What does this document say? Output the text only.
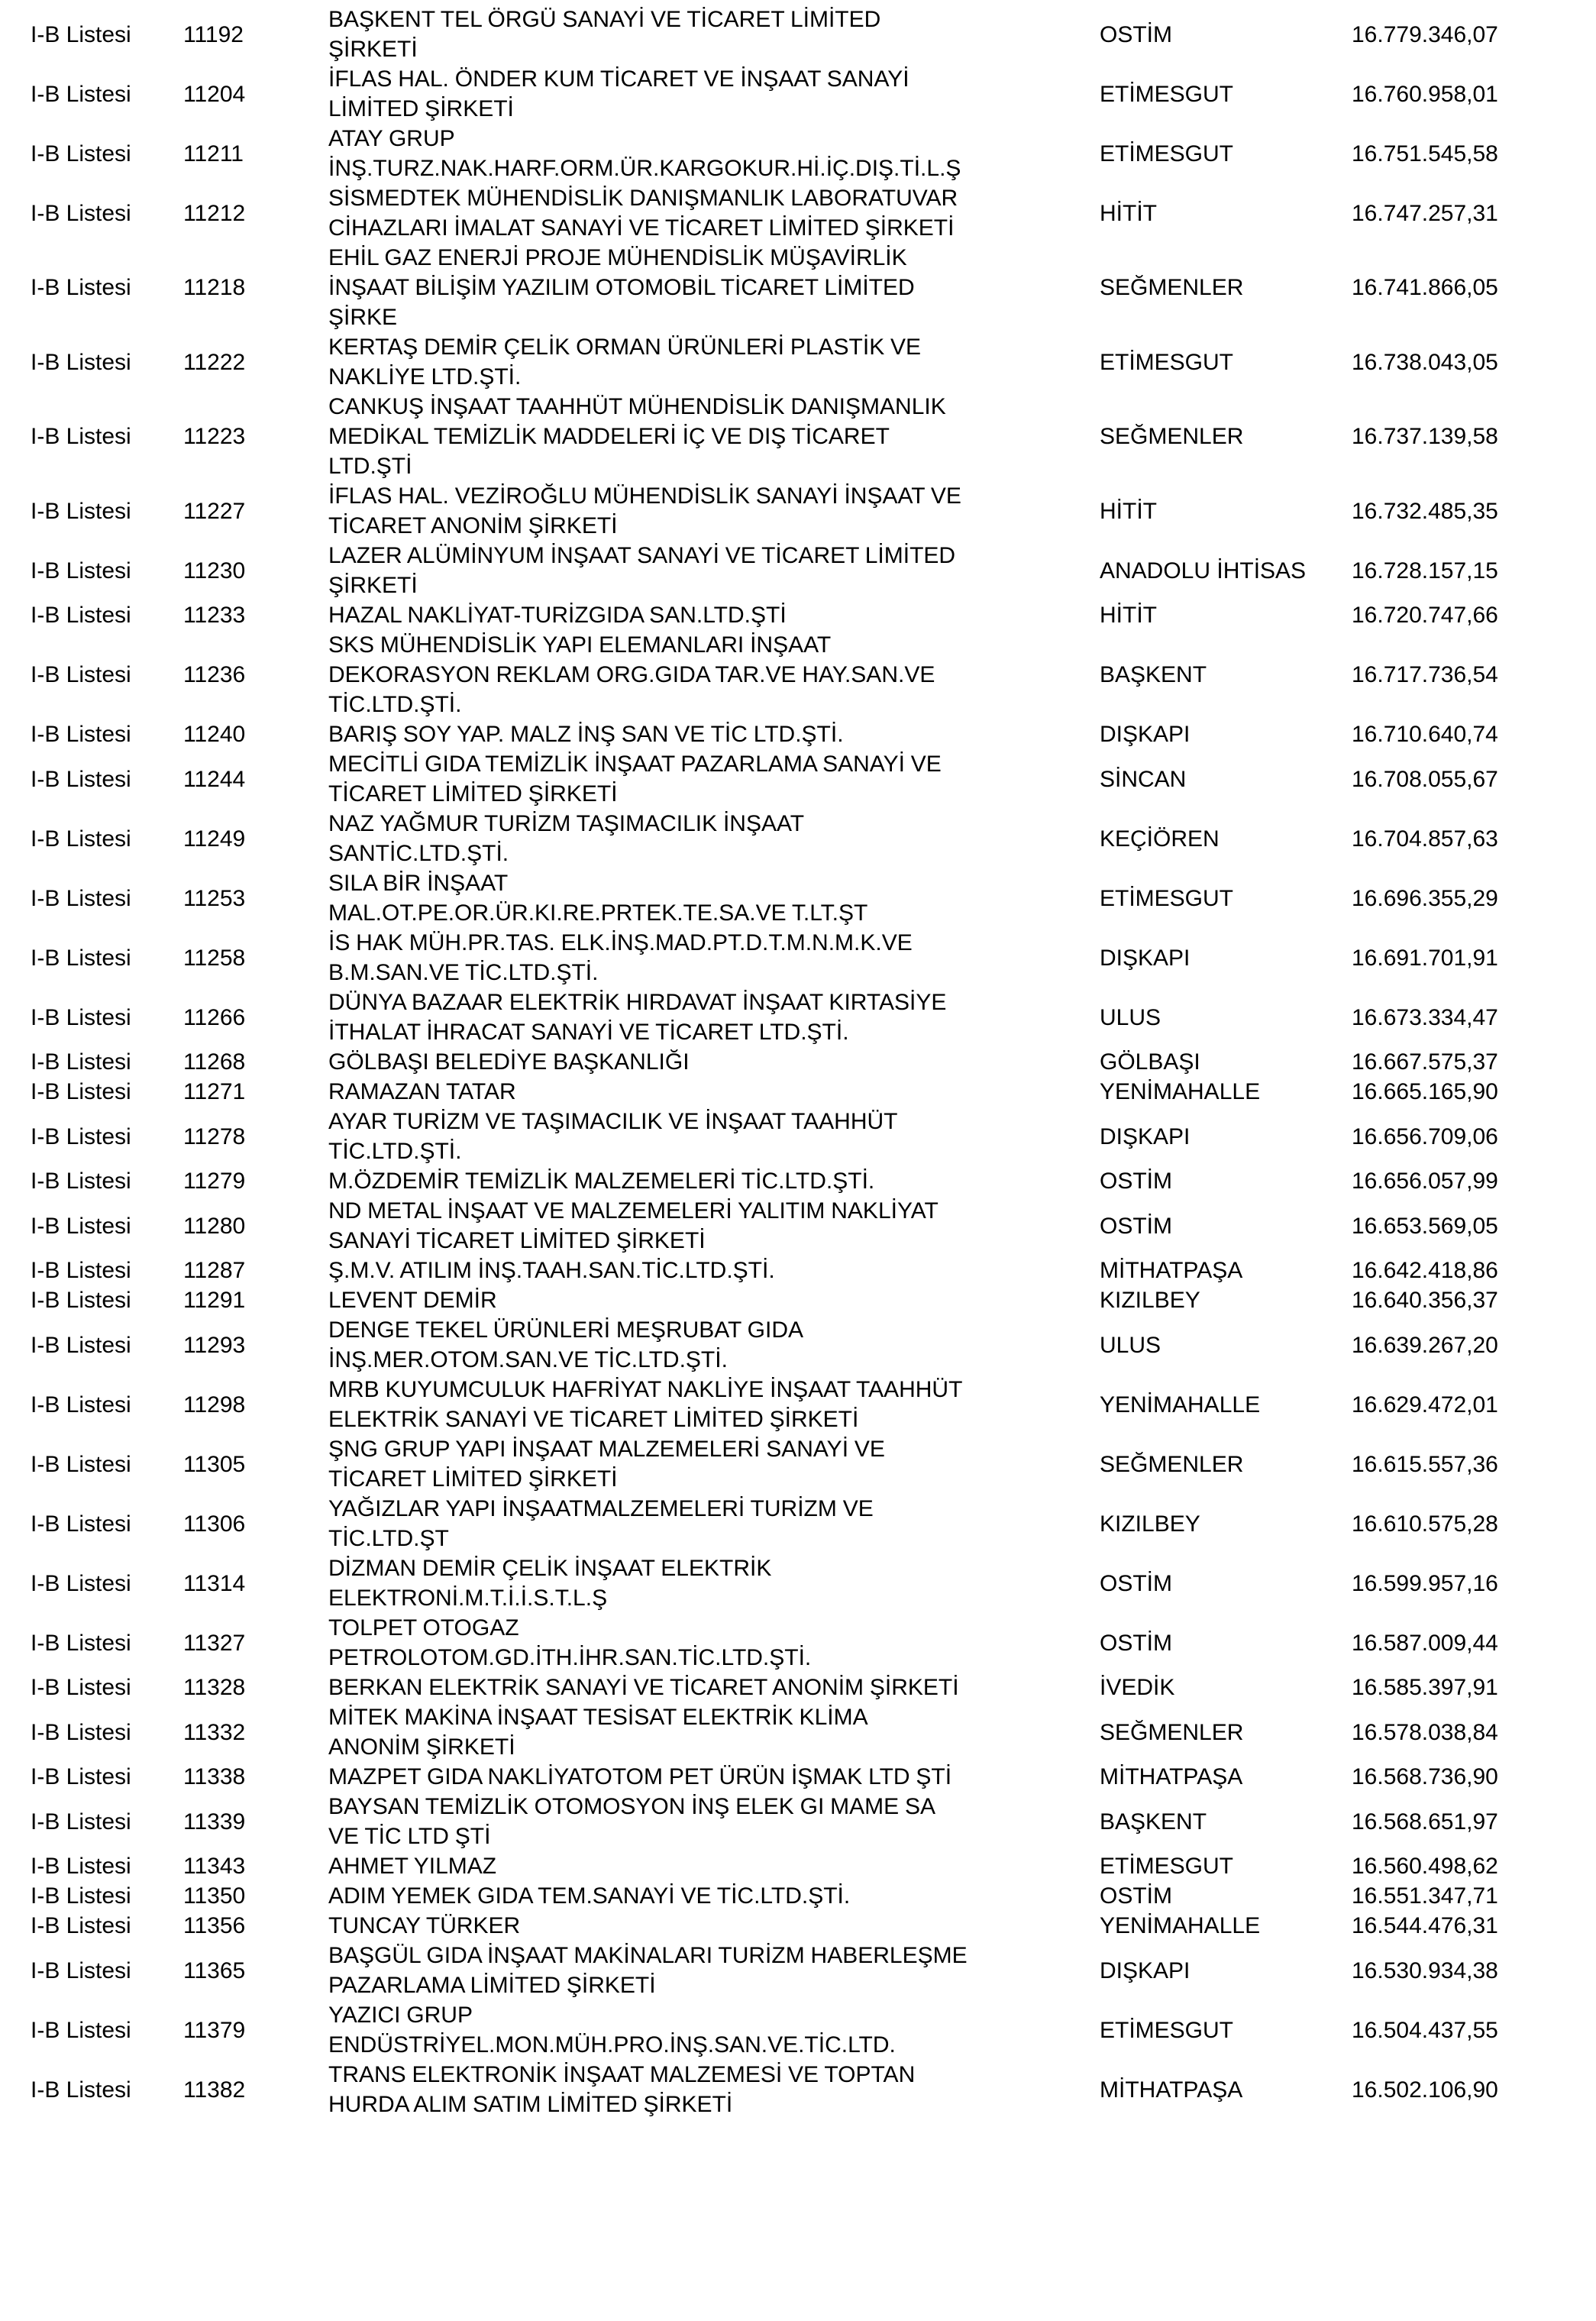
I-B Listesi	11192	BAŞKENT TEL ÖRGÜ SANAYİ VE TİCARET LİMİTED
ŞİRKETİ	OSTİM	16.779.346,07
I-B Listesi	11204	İFLAS HAL. ÖNDER KUM TİCARET VE İNŞAAT SANAYİ
LİMİTED ŞİRKETİ	ETİMESGUT	16.760.958,01
I-B Listesi	11211	ATAY GRUP
İNŞ.TURZ.NAK.HARF.ORM.ÜR.KARGOKUR.Hİ.İÇ.DIŞ.Tİ.L.Ş	ETİMESGUT	16.751.545,58
I-B Listesi	11212	SİSMEDTEK MÜHENDİSLİK DANIŞMANLIK LABORATUVAR
CİHAZLARI İMALAT SANAYİ VE TİCARET LİMİTED ŞİRKETİ	HİTİT	16.747.257,31
I-B Listesi	11218	EHİL GAZ ENERJİ PROJE MÜHENDİSLİK MÜŞAVİRLİK
İNŞAAT BİLİŞİM YAZILIM OTOMOBİL TİCARET LİMİTED
ŞİRKE	SEĞMENLER	16.741.866,05
I-B Listesi	11222	KERTAŞ DEMİR ÇELİK ORMAN ÜRÜNLERİ PLASTİK VE
NAKLİYE LTD.ŞTİ.	ETİMESGUT	16.738.043,05
I-B Listesi	11223	CANKUŞ İNŞAAT TAAHHÜT MÜHENDİSLİK DANIŞMANLIK
MEDİKAL TEMİZLİK MADDELERİ İÇ VE DIŞ TİCARET
LTD.ŞTİ	SEĞMENLER	16.737.139,58
I-B Listesi	11227	İFLAS HAL. VEZİROĞLU MÜHENDİSLİK SANAYİ İNŞAAT VE
TİCARET ANONİM ŞİRKETİ	HİTİT	16.732.485,35
I-B Listesi	11230	LAZER ALÜMİNYUM İNŞAAT SANAYİ VE TİCARET LİMİTED
ŞİRKETİ	ANADOLU İHTİSAS	16.728.157,15
I-B Listesi	11233	HAZAL NAKLİYAT-TURİZGIDA SAN.LTD.ŞTİ	HİTİT	16.720.747,66
I-B Listesi	11236	SKS MÜHENDİSLİK YAPI ELEMANLARI İNŞAAT
DEKORASYON REKLAM ORG.GIDA TAR.VE HAY.SAN.VE
TİC.LTD.ŞTİ.	BAŞKENT	16.717.736,54
I-B Listesi	11240	BARIŞ SOY YAP. MALZ İNŞ SAN VE TİC LTD.ŞTİ.	DIŞKAPI	16.710.640,74
I-B Listesi	11244	MECİTLİ GIDA TEMİZLİK İNŞAAT PAZARLAMA SANAYİ VE
TİCARET LİMİTED ŞİRKETİ	SİNCAN	16.708.055,67
I-B Listesi	11249	NAZ YAĞMUR TURİZM TAŞIMACILIK İNŞAAT
SANTİC.LTD.ŞTİ.	KEÇİÖREN	16.704.857,63
I-B Listesi	11253	SILA BİR İNŞAAT
MAL.OT.PE.OR.ÜR.KI.RE.PRTEK.TE.SA.VE T.LT.ŞT	ETİMESGUT	16.696.355,29
I-B Listesi	11258	İS HAK MÜH.PR.TAS. ELK.İNŞ.MAD.PT.D.T.M.N.M.K.VE
B.M.SAN.VE TİC.LTD.ŞTİ.	DIŞKAPI	16.691.701,91
I-B Listesi	11266	DÜNYA BAZAAR ELEKTRİK HIRDAVAT İNŞAAT KIRTASİYE
İTHALAT İHRACAT SANAYİ VE TİCARET LTD.ŞTİ.	ULUS	16.673.334,47
I-B Listesi	11268	GÖLBAŞI BELEDİYE BAŞKANLIĞI	GÖLBAŞI	16.667.575,37
I-B Listesi	11271	RAMAZAN TATAR	YENİMAHALLE	16.665.165,90
I-B Listesi	11278	AYAR TURİZM VE TAŞIMACILIK VE İNŞAAT TAAHHÜT
TİC.LTD.ŞTİ.	DIŞKAPI	16.656.709,06
I-B Listesi	11279	M.ÖZDEMİR TEMİZLİK MALZEMELERİ TİC.LTD.ŞTİ.	OSTİM	16.656.057,99
I-B Listesi	11280	ND METAL İNŞAAT VE MALZEMELERİ YALITIM NAKLİYAT
SANAYİ TİCARET LİMİTED ŞİRKETİ	OSTİM	16.653.569,05
I-B Listesi	11287	Ş.M.V. ATILIM İNŞ.TAAH.SAN.TİC.LTD.ŞTİ.	MİTHATPAŞA	16.642.418,86
I-B Listesi	11291	LEVENT DEMİR	KIZILBEY	16.640.356,37
I-B Listesi	11293	DENGE TEKEL ÜRÜNLERİ MEŞRUBAT GIDA
İNŞ.MER.OTOM.SAN.VE TİC.LTD.ŞTİ.	ULUS	16.639.267,20
I-B Listesi	11298	MRB KUYUMCULUK HAFRİYAT NAKLİYE İNŞAAT TAAHHÜT
ELEKTRİK SANAYİ VE TİCARET LİMİTED ŞİRKETİ	YENİMAHALLE	16.629.472,01
I-B Listesi	11305	ŞNG GRUP YAPI İNŞAAT MALZEMELERİ SANAYİ VE
TİCARET LİMİTED ŞİRKETİ	SEĞMENLER	16.615.557,36
I-B Listesi	11306	YAĞIZLAR YAPI İNŞAATMALZEMELERİ TURİZM VE
TİC.LTD.ŞT	KIZILBEY	16.610.575,28
I-B Listesi	11314	DİZMAN DEMİR ÇELİK İNŞAAT ELEKTRİK
ELEKTRONİ.M.T.İ.İ.S.T.L.Ş	OSTİM	16.599.957,16
I-B Listesi	11327	TOLPET OTOGAZ
PETROLOTOM.GD.İTH.İHR.SAN.TİC.LTD.ŞTİ.	OSTİM	16.587.009,44
I-B Listesi	11328	BERKAN ELEKTRİK SANAYİ VE TİCARET ANONİM ŞİRKETİ	İVEDİK	16.585.397,91
I-B Listesi	11332	MİTEK MAKİNA İNŞAAT TESİSAT ELEKTRİK KLİMA
ANONİM ŞİRKETİ	SEĞMENLER	16.578.038,84
I-B Listesi	11338	MAZPET GIDA NAKLİYATOTOM PET ÜRÜN İŞMAK LTD ŞTİ	MİTHATPAŞA	16.568.736,90
I-B Listesi	11339	BAYSAN TEMİZLİK OTOMOSYON İNŞ ELEK GI MAME SA
VE TİC LTD ŞTİ	BAŞKENT	16.568.651,97
I-B Listesi	11343	AHMET YILMAZ	ETİMESGUT	16.560.498,62
I-B Listesi	11350	ADIM YEMEK GIDA TEM.SANAYİ VE TİC.LTD.ŞTİ.	OSTİM	16.551.347,71
I-B Listesi	11356	TUNCAY TÜRKER	YENİMAHALLE	16.544.476,31
I-B Listesi	11365	BAŞGÜL GIDA İNŞAAT MAKİNALARI TURİZM HABERLEŞME
PAZARLAMA LİMİTED ŞİRKETİ	DIŞKAPI	16.530.934,38
I-B Listesi	11379	YAZICI GRUP
ENDÜSTRİYEL.MON.MÜH.PRO.İNŞ.SAN.VE.TİC.LTD.	ETİMESGUT	16.504.437,55
I-B Listesi	11382	TRANS ELEKTRONİK İNŞAAT MALZEMESİ VE TOPTAN
HURDA ALIM SATIM LİMİTED ŞİRKETİ	MİTHATPAŞA	16.502.106,90
